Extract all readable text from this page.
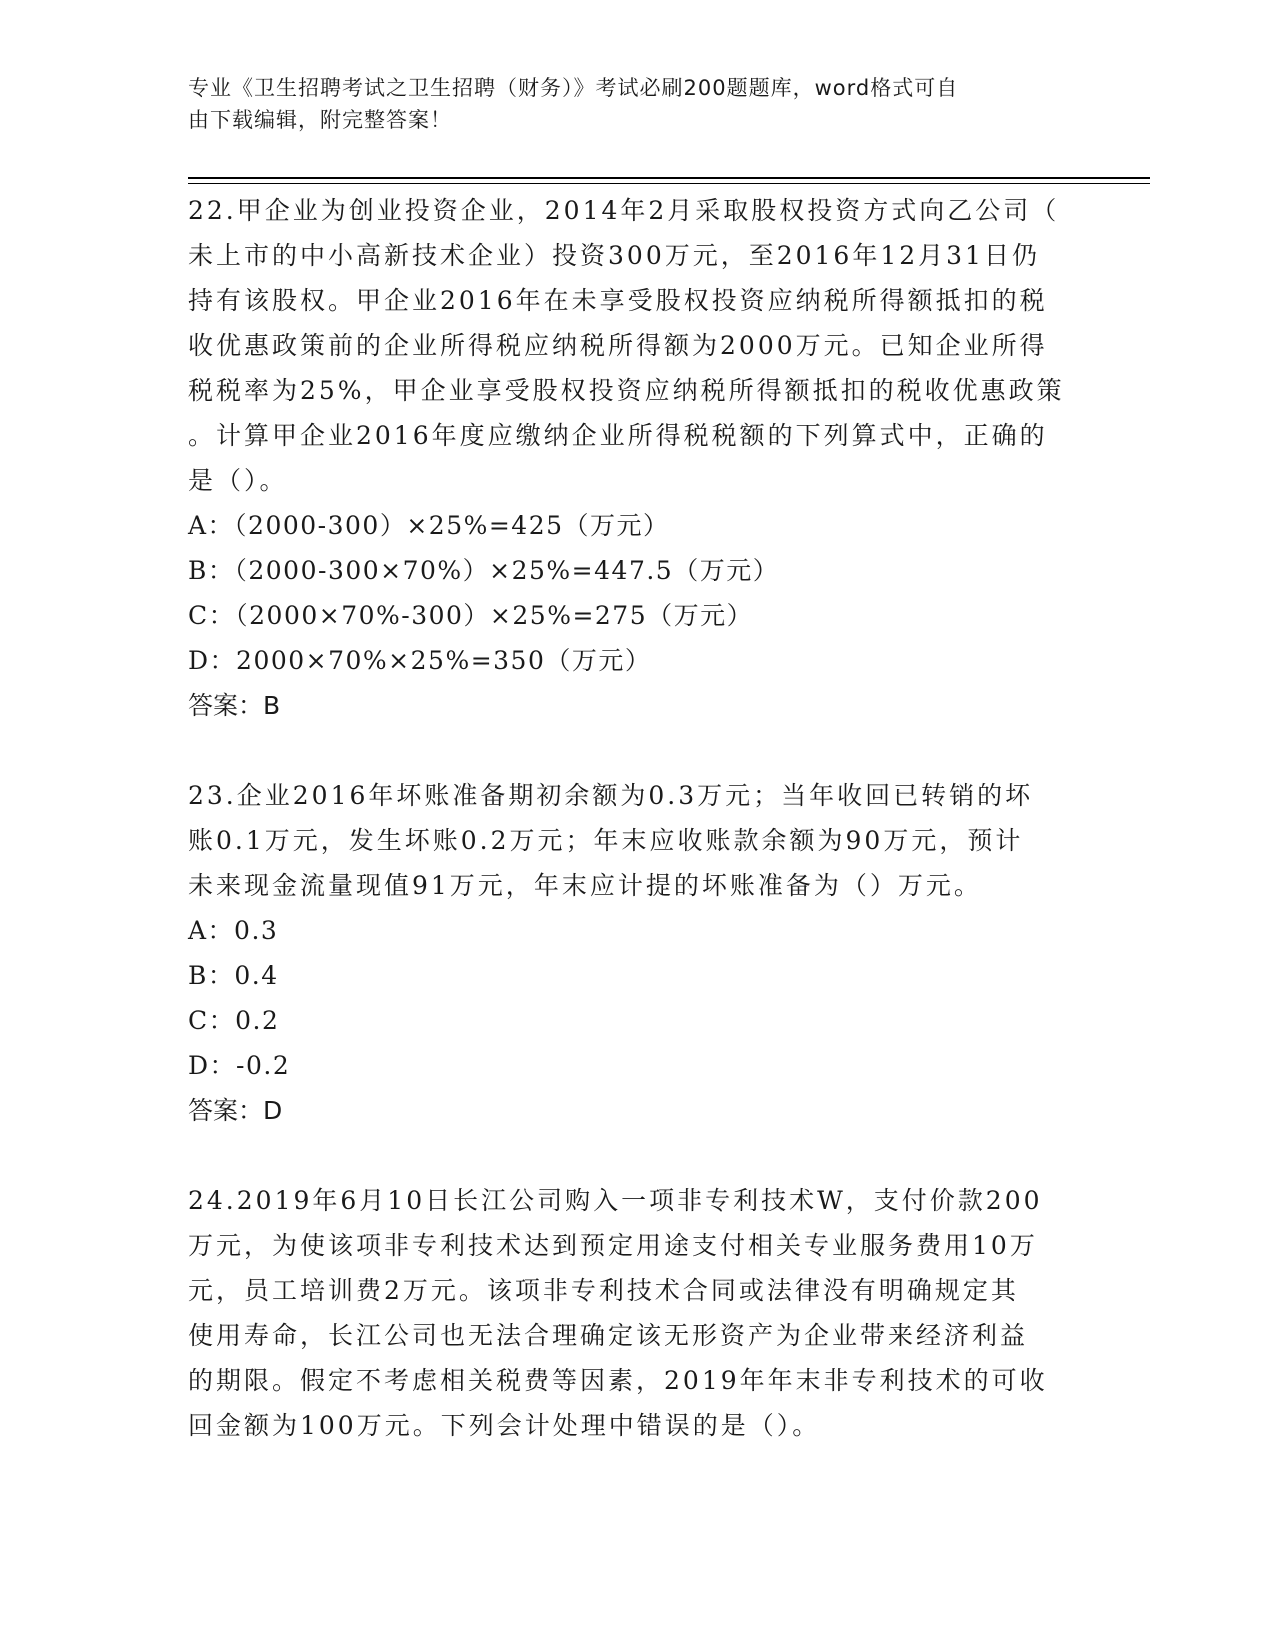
专业《卫生招聘考试之卫生招聘（财务）》考试必刷200题题库，word格式可自
由下载编辑，附完整答案！

22.甲企业为创业投资企业，2014年2月采取股权投资方式向乙公司（

未上市的中小高新技术企业）投资300万元，至2016年12月31日仍

持有该股权。甲企业2016年在未享受股权投资应纳税所得额抵扣的税

收优惠政策前的企业所得税应纳税所得额为2000万元。已知企业所得

税税率为25%，甲企业享受股权投资应纳税所得额抵扣的税收优惠政策

。计算甲企业2016年度应缴纳企业所得税税额的下列算式中，正确的

是（）。

A：（2000-300）×25%=425（万元）

B：（2000-300×70%）×25%=447.5（万元）

C：（2000×70%-300）×25%=275（万元）

D：2000×70%×25%=350（万元）

答案：B

23.企业2016年坏账准备期初余额为0.3万元；当年收回已转销的坏

账0.1万元，发生坏账0.2万元；年末应收账款余额为90万元，预计

未来现金流量现值91万元，年末应计提的坏账准备为（）万元。

A：0.3

B：0.4

C：0.2

D：-0.2

答案：D

24.2019年6月10日长江公司购入一项非专利技术W，支付价款200

万元，为使该项非专利技术达到预定用途支付相关专业服务费用10万

元，员工培训费2万元。该项非专利技术合同或法律没有明确规定其

使用寿命，长江公司也无法合理确定该无形资产为企业带来经济利益

的期限。假定不考虑相关税费等因素，2019年年末非专利技术的可收

回金额为100万元。下列会计处理中错误的是（）。
